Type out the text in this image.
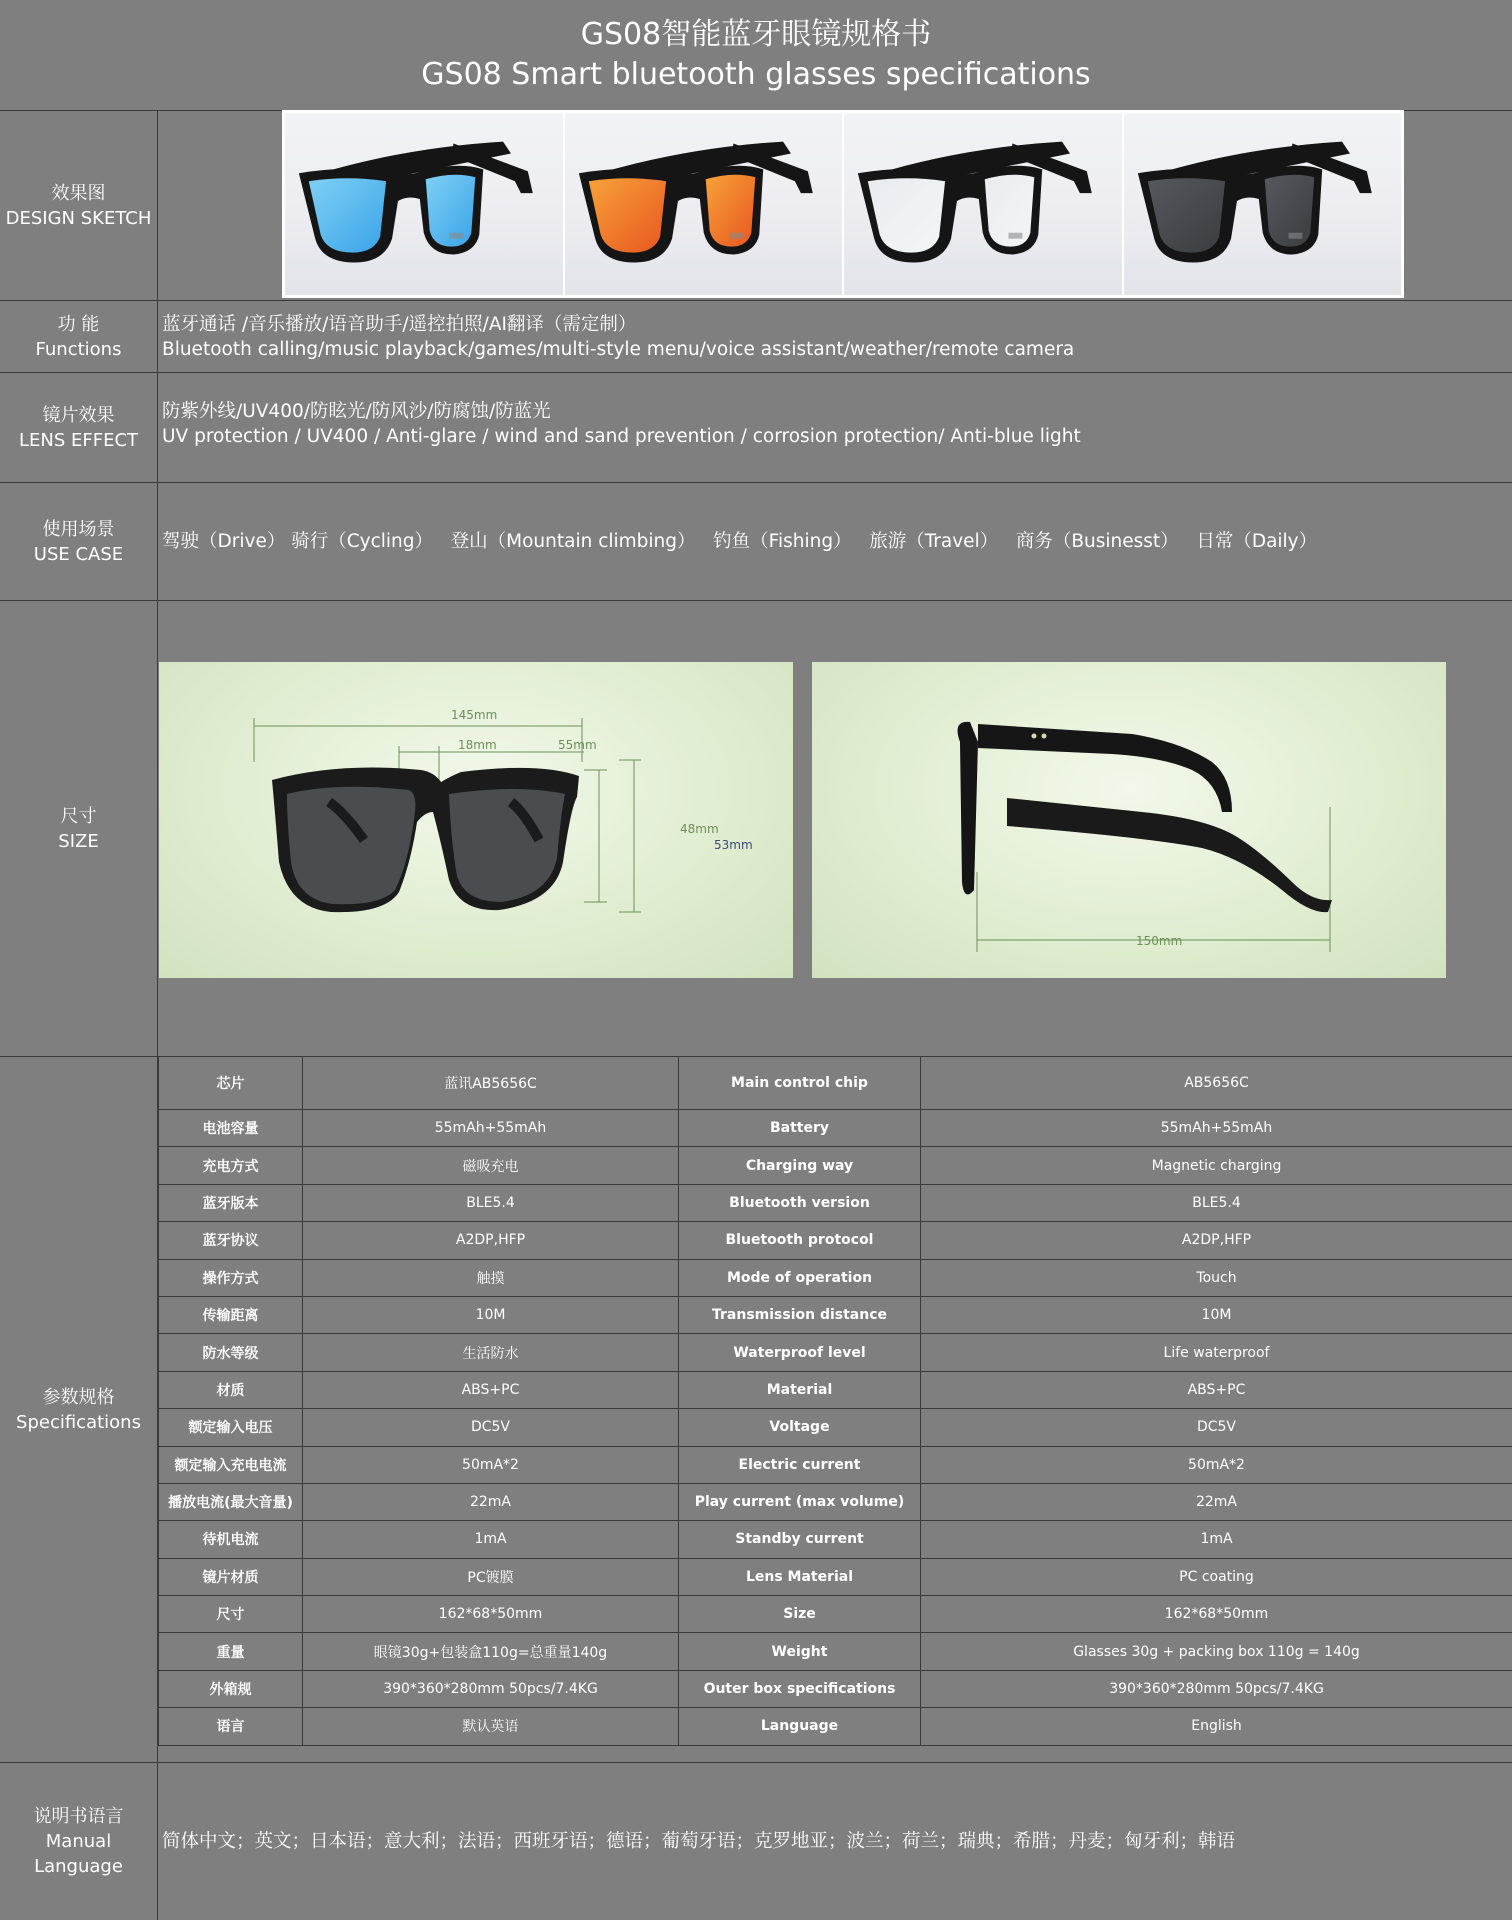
GS08智能蓝牙眼镜规格书
GS08 Smart bluetooth glasses specifications
效果图
DESIGN SKETCH
功 能
Functions
蓝牙通话 /音乐播放/语音助手/遥控拍照/AI翻译（需定制）
Bluetooth calling/music playback/games/multi-style menu/voice assistant/weather/remote camera
镜片效果
LENS EFFECT
防紫外线/UV400/防眩光/防风沙/防腐蚀/防蓝光
UV protection / UV400 / Anti-glare / wind and sand prevention / corrosion protection/ Anti-blue light
使用场景
USE CASE
驾驶（Drive） 骑行（Cycling）   登山（Mountain climbing）   钓鱼（Fishing）   旅游（Travel）   商务（Businesst）   日常（Daily）
尺寸
SIZE
145mm
18mm	55mm
48mm
53mm
150mm
参数规格
Specifications
芯片	蓝讯AB5656C	Main control chip	AB5656C
电池容量	55mAh+55mAh	Battery	55mAh+55mAh
充电方式	磁吸充电	Charging way	Magnetic charging
蓝牙版本	BLE5.4	Bluetooth version	BLE5.4
蓝牙协议	A2DP,HFP	Bluetooth protocol	A2DP,HFP
操作方式	触摸	Mode of operation	Touch
传输距离	10M	Transmission distance	10M
防水等级	生活防水	Waterproof level	Life waterproof
材质	ABS+PC	Material	ABS+PC
额定输入电压	DC5V	Voltage	DC5V
额定输入充电电流	50mA*2	Electric current	50mA*2
播放电流(最大音量)	22mA	Play current (max volume)	22mA
待机电流	1mA	Standby current	1mA
镜片材质	PC镀膜	Lens Material	PC coating
尺寸	162*68*50mm	Size	162*68*50mm
重量	眼镜30g+包装盒110g=总重量140g	Weight	Glasses 30g + packing box 110g = 140g
外箱规	390*360*280mm 50pcs/7.4KG	Outer box specifications	390*360*280mm 50pcs/7.4KG
语言	默认英语	Language	English
说明书语言
Manual Language
简体中文；英文；日本语；意大利；法语；西班牙语；德语；葡萄牙语；克罗地亚；波兰；荷兰；瑞典；希腊；丹麦；匈牙利；韩语
